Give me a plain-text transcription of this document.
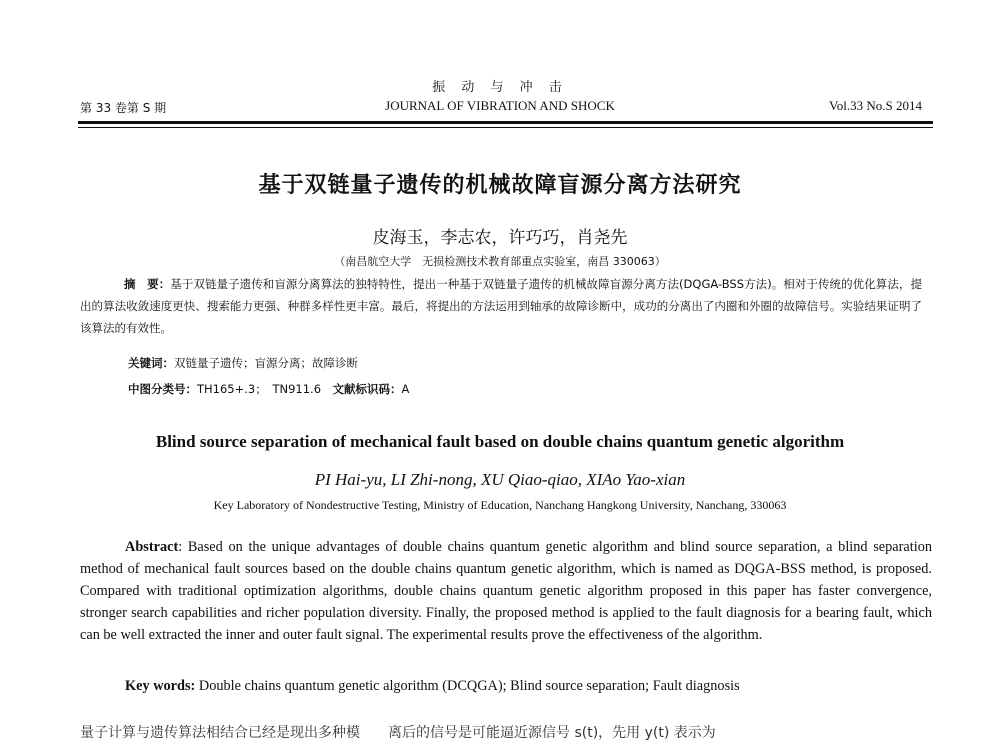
振 动 与 冲 击
第 33 卷第 S 期	JOURNAL OF VIBRATION AND SHOCK	Vol.33 No.S 2014
基于双链量子遗传的机械故障盲源分离方法研究
皮海玉，李志农，许巧巧，肖尧先
（南昌航空大学　无损检测技术教育部重点实验室，南昌 330063）
摘　要：基于双链量子遗传和盲源分离算法的独特特性，提出一种基于双链量子遗传的机械故障盲源分离方法(DQGA-BSS方法)。相对于传统的优化算法，提出的算法收敛速度更快、搜索能力更强、种群多样性更丰富。最后，将提出的方法运用到轴承的故障诊断中，成功的分离出了内圈和外圈的故障信号。实验结果证明了该算法的有效性。
关键词：双链量子遗传；盲源分离；故障诊断
中图分类号：TH165+.3；　TN911.6　 文献标识码：A
Blind source separation of mechanical fault based on double chains quantum genetic algorithm
PI Hai-yu, LI Zhi-nong, XU Qiao-qiao, XIAo Yao-xian
Key Laboratory of Nondestructive Testing, Ministry of Education, Nanchang Hangkong University, Nanchang, 330063
Abstract: Based on the unique advantages of double chains quantum genetic algorithm and blind source separation, a blind separation method of mechanical fault sources based on the double chains quantum genetic algorithm, which is named as DQGA-BSS method, is proposed. Compared with traditional optimization algorithms, double chains quantum genetic algorithm proposed in this paper has faster convergence, stronger search capabilities and richer population diversity. Finally, the proposed method is applied to the fault diagnosis for a bearing fault, which can be well extracted the inner and outer fault signal. The experimental results prove the effectiveness of the algorithm.
Key words: Double chains quantum genetic algorithm (DCQGA); Blind source separation; Fault diagnosis
量子计算与遗传算法相结合已经是现出多种模　　离后的信号是可能逼近源信号 s(t)，先用 y(t) 表示为
